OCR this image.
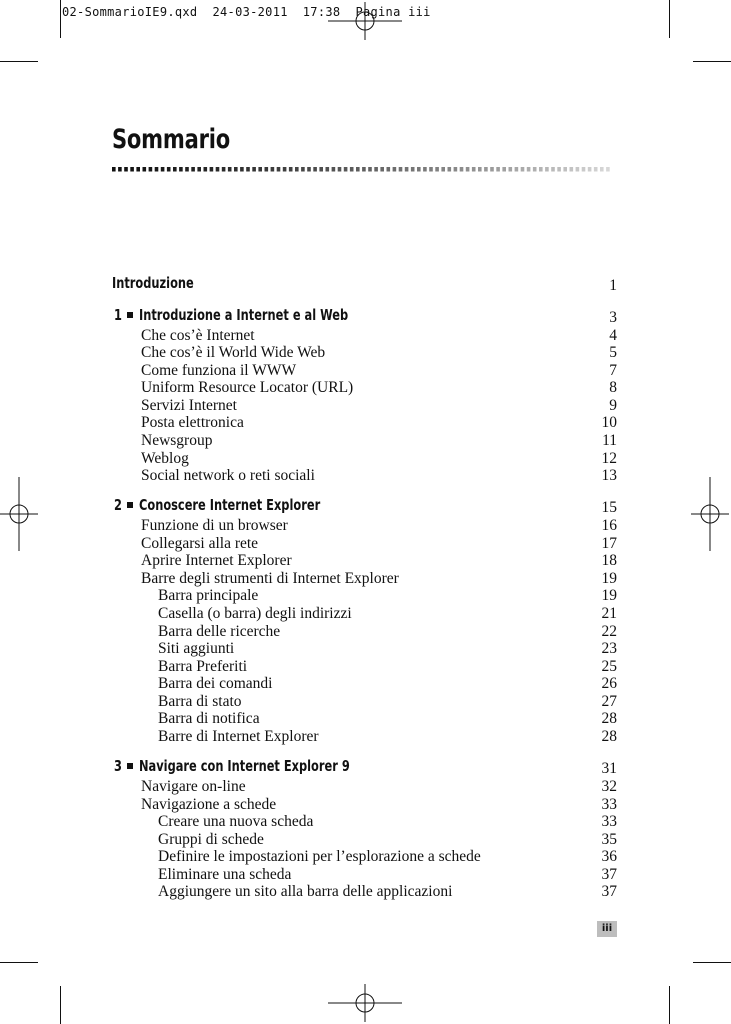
02-SommarioIE9.qxd  24-03-2011  17:38  Pagina iii
Sommario
Introduzione	1
1 Introduzione a Internet e al Web	3
Che cos’è Internet	4
Che cos’è il World Wide Web	5
Come funziona il WWW	7
Uniform Resource Locator (URL)	8
Servizi Internet	9
Posta elettronica	10
Newsgroup	11
Weblog	12
Social network o reti sociali	13
2 Conoscere Internet Explorer	15
Funzione di un browser	16
Collegarsi alla rete	17
Aprire Internet Explorer	18
Barre degli strumenti di Internet Explorer	19
Barra principale	19
Casella (o barra) degli indirizzi	21
Barra delle ricerche	22
Siti aggiunti	23
Barra Preferiti	25
Barra dei comandi	26
Barra di stato	27
Barra di notifica	28
Barre di Internet Explorer	28
3 Navigare con Internet Explorer 9	31
Navigare on-line	32
Navigazione a schede	33
Creare una nuova scheda	33
Gruppi di schede	35
Definire le impostazioni per l’esplorazione a schede	36
Eliminare una scheda	37
Aggiungere un sito alla barra delle applicazioni	37
iii
